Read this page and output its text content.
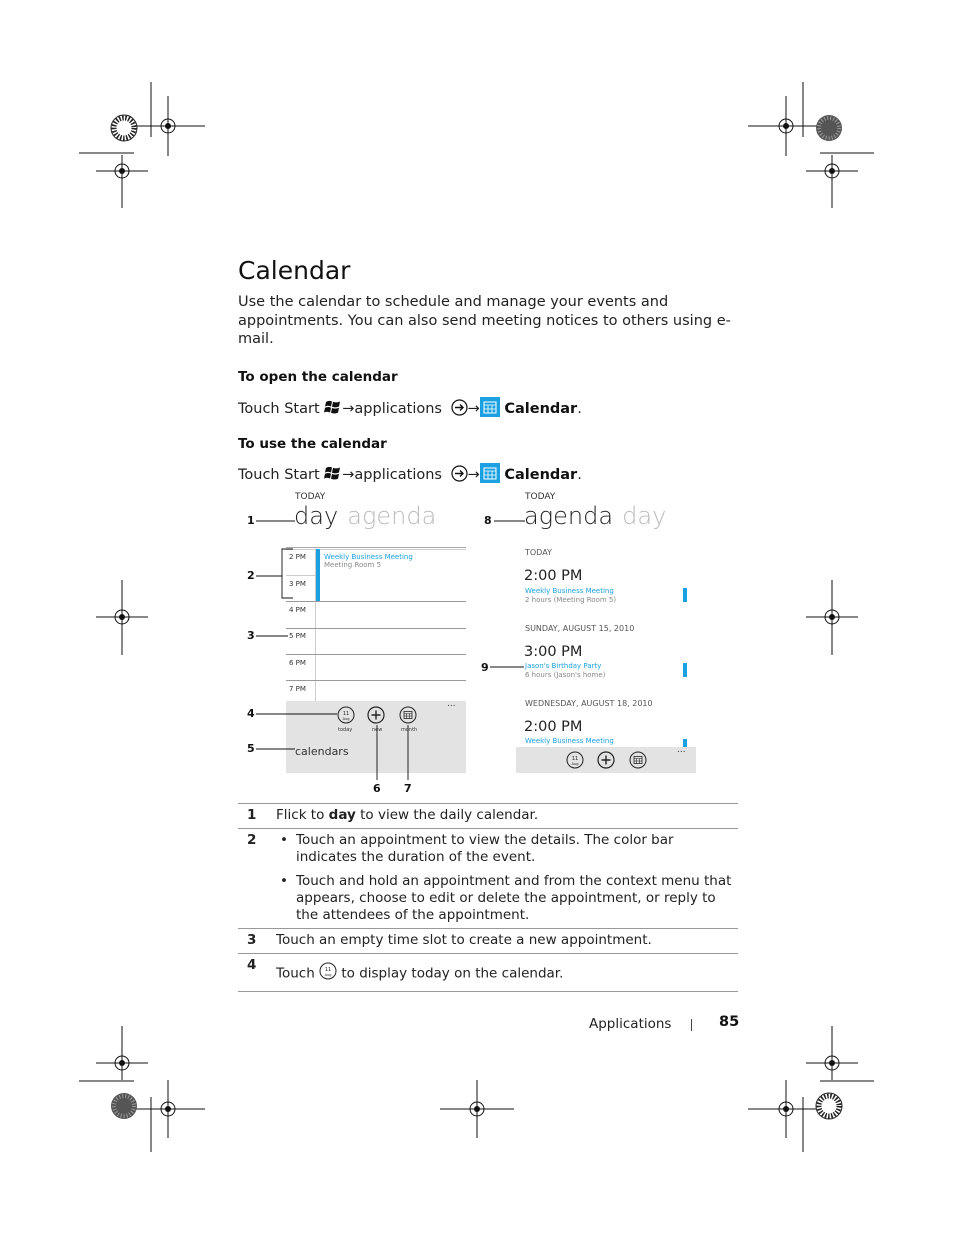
Calendar
Use the calendar to schedule and manage your events and appointments. You can also send meeting notices to others using e-mail.
To open the calendar
Touch Start →applications → Calendar.
To use the calendar
Touch Start →applications → Calendar.
TODAY
day agenda
2 PM
3 PM
4 PM
5 PM
6 PM
7 PM
Weekly Business Meeting
Meeting Room 5
11
Aug
today	new	month
...
calendars
TODAY
agenda day
TODAY
2:00 PM
Weekly Business Meeting
2 hours (Meeting Room 5)
SUNDAY, AUGUST 15, 2010
3:00 PM
Jason's Birthday Party
6 hours (Jason's home)
WEDNESDAY, AUGUST 18, 2010
2:00 PM
Weekly Business Meeting
11
Aug
...
1
2
3
4
5
6 7
8
9
1	Flick to day to view the daily calendar.
2	• Touch an appointment to view the details. The color bar indicates the duration of the event.
• Touch and hold an appointment and from the context menu that appears, choose to edit or delete the appointment, or reply to the attendees of the appointment.

3	Touch an empty time slot to create a new appointment.
4	Touch 11
Aug to display today on the calendar.
Applications	85
